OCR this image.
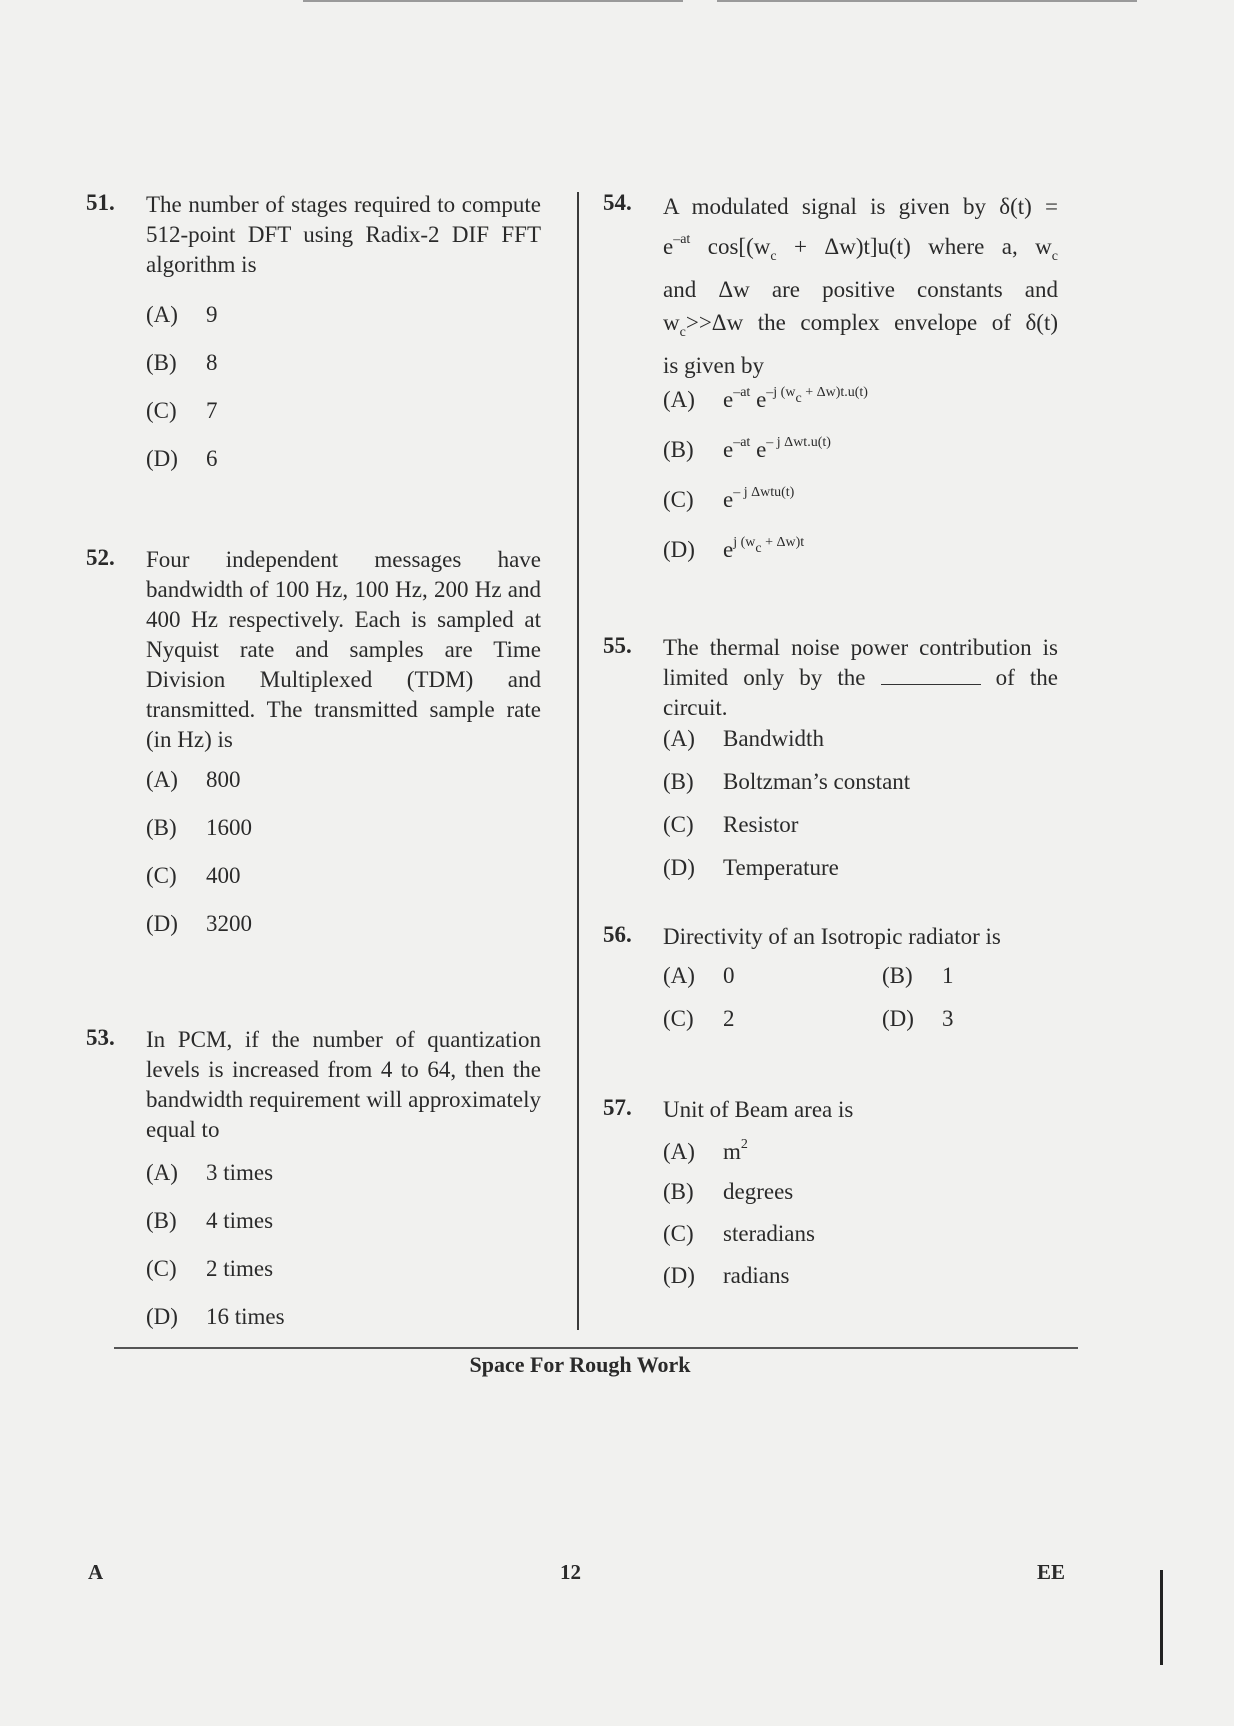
51. The number of stages required to compute 512-point DFT using Radix-2 DIF FFT algorithm is
(A) 9
(B) 8
(C) 7
(D) 6
52. Four independent messages have bandwidth of 100 Hz, 100 Hz, 200 Hz and 400 Hz respectively. Each is sampled at Nyquist rate and samples are Time Division Multiplexed (TDM) and transmitted. The transmitted sample rate (in Hz) is
(A) 800
(B) 1600
(C) 400
(D) 3200
53. In PCM, if the number of quantization levels is increased from 4 to 64, then the bandwidth requirement will approximately equal to
(A) 3 times
(B) 4 times
(C) 2 times
(D) 16 times
54. A modulated signal is given by δ(t) =
$e^{-at}$ $\cos[(w_c + \Delta w)t]u(t)$ where a, $w_c$
and Δw are positive constants and
$w_c>>\Delta w$ the complex envelope of δ(t)
is given by
(A) $e^{-at}$ $e^{-j (w_c + \Delta w)t.u(t)}$
(B) $e^{-at}$ $e^{- j \Delta wt.u(t)}$
(C) $e^{- j \Delta wtu(t)}$
(D) $e^{j (w_c + \Delta w)t}$
55. The thermal noise power contribution is limited only by the	of the circuit.
(A) Bandwidth
(B) Boltzman’s constant
(C) Resistor
(D) Temperature
56. Directivity of an Isotropic radiator is
(A) 0	(B) 1
(C) 2	(D) 3
57. Unit of Beam area is
(A) $m^2$
(B) degrees
(C) steradians
(D) radians
Space For Rough Work
A	12	EE
